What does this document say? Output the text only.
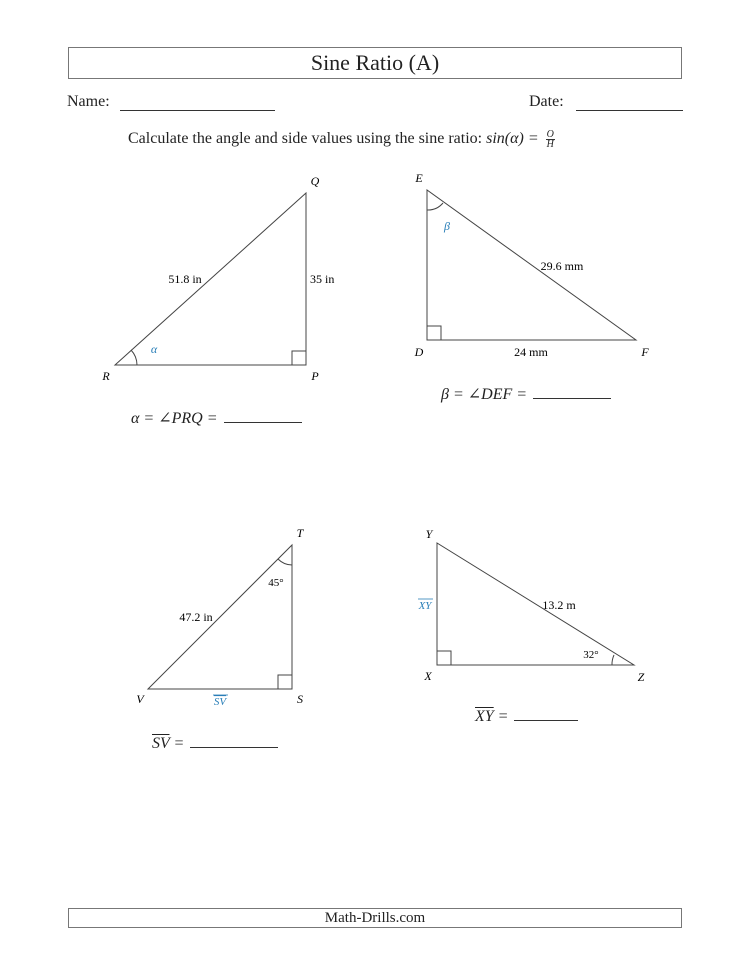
Sine Ratio (A)
Name:	Date:
Calculate the angle and side values using the sine ratio: $\sin(\alpha) = \frac{O}{H}$
Q
R	P
51.8 in	35 in
α
E
D	F
29.6 mm
24 mm
β
T
V	S
47.2 in
45°
SV
Y
X	Z
13.2 m
32°
XY
α = ∠PRQ =
β = ∠DEF =
$\overline{SV}$ =
$\overline{XY}$ =
Math-Drills.com
